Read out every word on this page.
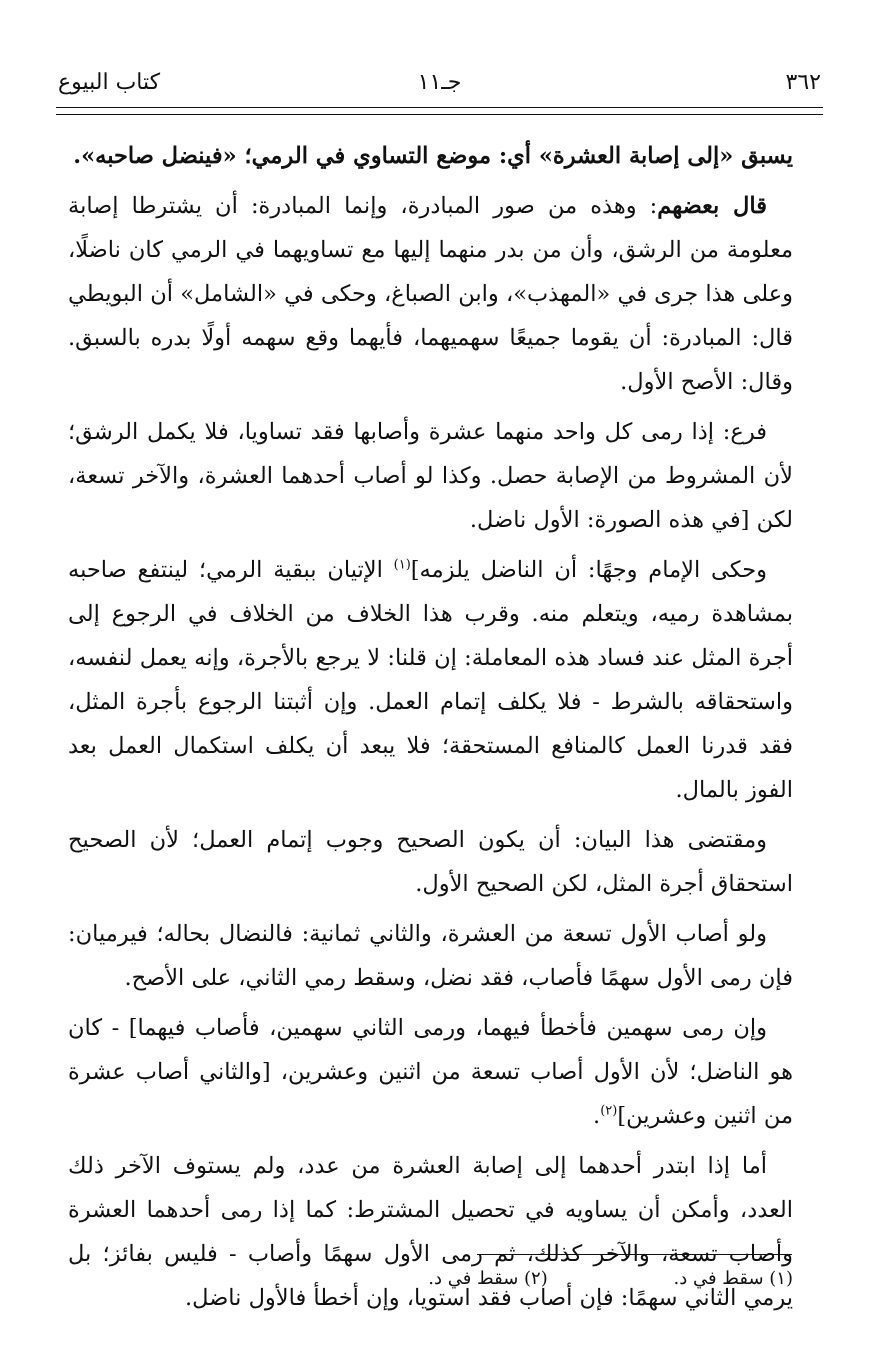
٣٦٢
جـ١١
كتاب البيوع

يسبق «إلى إصابة العشرة» أي: موضع التساوي في الرمي؛ «فينضل صاحبه».

قال بعضهم: وهذه من صور المبادرة، وإنما المبادرة: أن يشترطا إصابة معلومة من الرشق، وأن من بدر منهما إليها مع تساويهما في الرمي كان ناضلًا، وعلى هذا جرى في «المهذب»، وابن الصباغ، وحكى في «الشامل» أن البويطي قال: المبادرة: أن يقوما جميعًا سهميهما، فأيهما وقع سهمه أولًا بدره بالسبق. وقال: الأصح الأول.

فرع: إذا رمى كل واحد منهما عشرة وأصابها فقد تساويا، فلا يكمل الرشق؛ لأن المشروط من الإصابة حصل. وكذا لو أصاب أحدهما العشرة، والآخر تسعة، لكن [في هذه الصورة: الأول ناضل.

وحكى الإمام وجهًا: أن الناضل يلزمه]$^{(١)}$ الإتيان ببقية الرمي؛ لينتفع صاحبه بمشاهدة رميه، ويتعلم منه. وقرب هذا الخلاف من الخلاف في الرجوع إلى أجرة المثل عند فساد هذه المعاملة: إن قلنا: لا يرجع بالأجرة، وإنه يعمل لنفسه، واستحقاقه بالشرط - فلا يكلف إتمام العمل. وإن أثبتنا الرجوع بأجرة المثل، فقد قدرنا العمل كالمنافع المستحقة؛ فلا يبعد أن يكلف استكمال العمل بعد الفوز بالمال.

ومقتضى هذا البيان: أن يكون الصحيح وجوب إتمام العمل؛ لأن الصحيح استحقاق أجرة المثل، لكن الصحيح الأول.

ولو أصاب الأول تسعة من العشرة، والثاني ثمانية: فالنضال بحاله؛ فيرميان: فإن رمى الأول سهمًا فأصاب، فقد نضل، وسقط رمي الثاني، على الأصح.

وإن رمى سهمين فأخطأ فيهما، ورمى الثاني سهمين، فأصاب فيهما] - كان هو الناضل؛ لأن الأول أصاب تسعة من اثنين وعشرين، [والثاني أصاب عشرة من اثنين وعشرين]$^{(٢)}$.

أما إذا ابتدر أحدهما إلى إصابة العشرة من عدد، ولم يستوف الآخر ذلك العدد، وأمكن أن يساويه في تحصيل المشترط: كما إذا رمى أحدهما العشرة وأصاب تسعة، والآخر كذلك، ثم رمى الأول سهمًا وأصاب - فليس بفائز؛ بل يرمي الثاني سهمًا: فإن أصاب فقد استويا، وإن أخطأ فالأول ناضل.

(١) سقط في د. (٢) سقط في د.
